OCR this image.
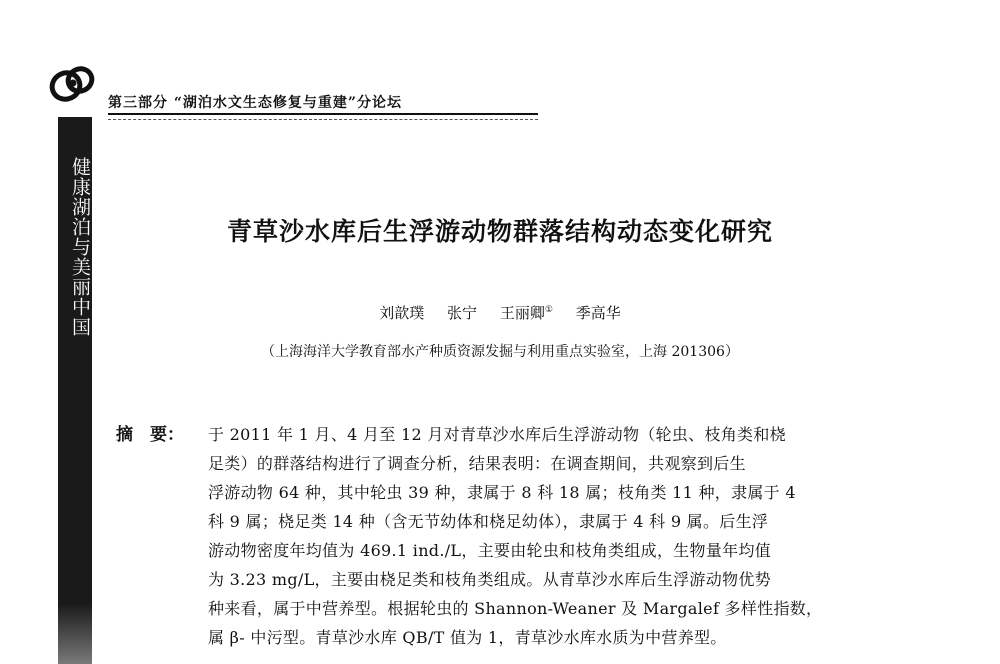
第三部分 “湖泊水文生态修复与重建”分论坛
健康湖泊与美丽中国	青草沙水库后生浮游动物群落结构动态变化研究
刘歆璞 张宁 王丽卿① 季高华
（上海海洋大学教育部水产种质资源发掘与利用重点实验室，上海 201306）
摘　要：	于 2011 年 1 月、4 月至 12 月对青草沙水库后生浮游动物（轮虫、枝角类和桡
足类）的群落结构进行了调查分析，结果表明：在调查期间，共观察到后生
浮游动物 64 种，其中轮虫 39 种，隶属于 8 科 18 属；枝角类 11 种，隶属于 4
科 9 属；桡足类 14 种（含无节幼体和桡足幼体），隶属于 4 科 9 属。后生浮
游动物密度年均值为 469.1 ind./L，主要由轮虫和枝角类组成，生物量年均值
为 3.23 mg/L，主要由桡足类和枝角类组成。从青草沙水库后生浮游动物优势
种来看，属于中营养型。根据轮虫的 Shannon-Weaner 及 Margalef 多样性指数，
属 β- 中污型。青草沙水库 QB/T 值为 1，青草沙水库水质为中营养型。
